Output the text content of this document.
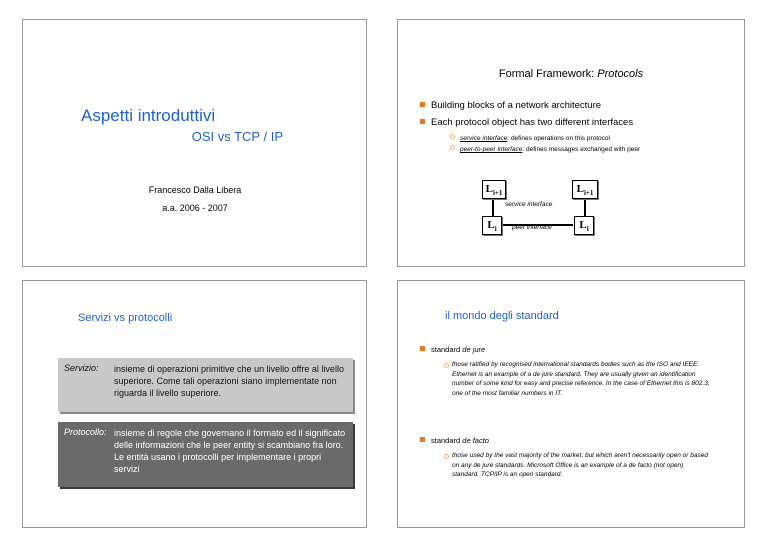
Aspetti introduttivi
OSI vs TCP / IP
Francesco Dalla Libera
a.a. 2006 - 2007
Formal Framework: Protocols
Building blocks of a network architecture
Each protocol object has two different interfaces
service interface: defines operations on this protocol
peer-to-peer interface: defines messages exchanged with peer
$L_{i+1}$	$L_{i+1}$
$L_i$	$L_i$
service interface
peer interface
Servizi vs protocolli
Servizio: insieme di operazioni primitive che un livello offre al livello superiore. Come tali operazioni siano implementate non riguarda il livello superiore.
Protocollo: insieme di regole che governano il formato ed il significato delle informazioni che le peer entity si scambiano fra loro. Le entità usano i protocolli per implementare i propri servizi
il mondo degli standard
standard de jure
those ratified by recognised international standards bodies such as the ISO and IEEE. Ethernet is an example of a de jure standard. They are usually given an identification number of some kind for easy and precise reference. In the case of Ethernet this is 802.3, one of the most familiar numbers in IT.
standard de facto
those used by the vast majority of the market, but which aren't necessarily open or based on any de jure standards. Microsoft Office is an example of a de facto (not open) standard. TCP/IP is an open standard.
